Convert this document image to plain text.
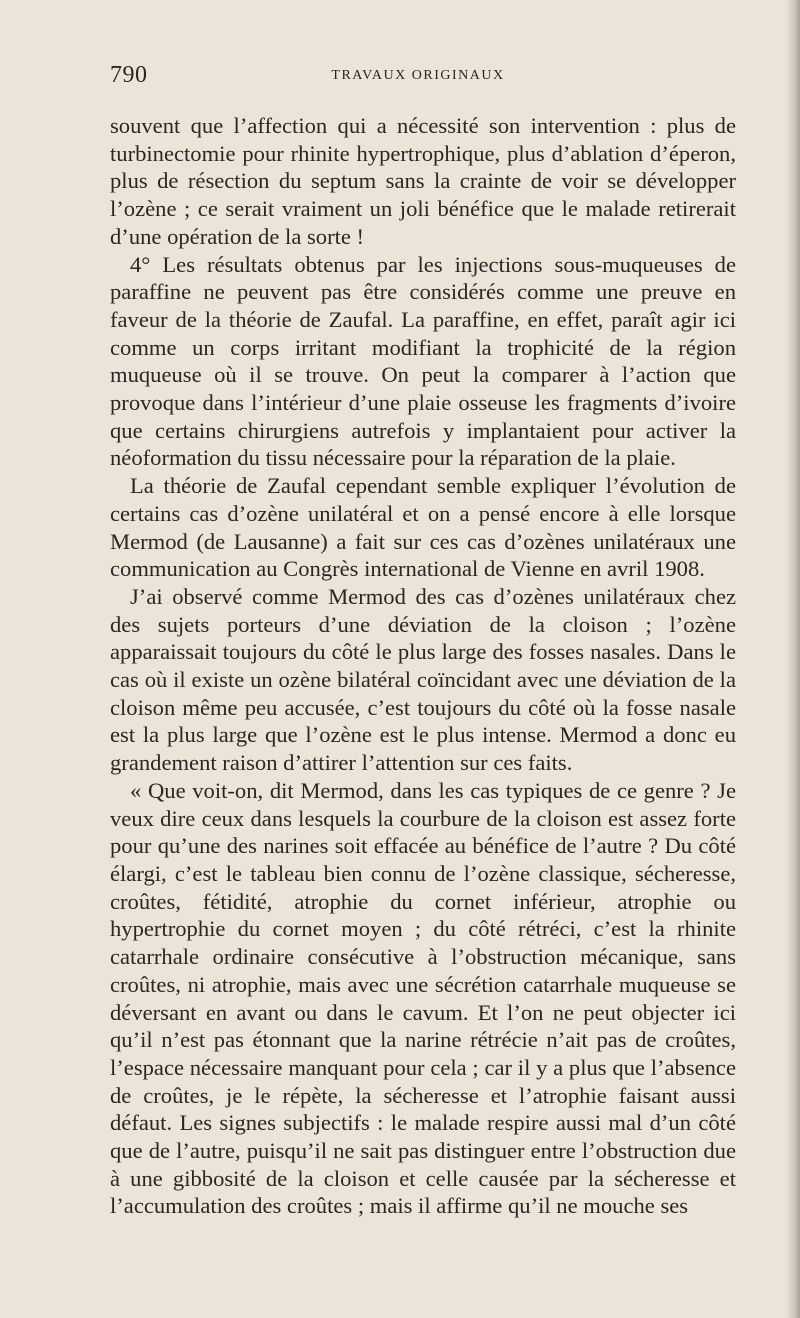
790	TRAVAUX ORIGINAUX

souvent que l’affection qui a nécessité son intervention : plus de turbinectomie pour rhinite hypertrophique, plus d’ablation d’éperon, plus de résection du septum sans la crainte de voir se développer l’ozène ; ce serait vraiment un joli bénéfice que le malade retirerait d’une opération de la sorte !

4° Les résultats obtenus par les injections sous-muqueuses de paraffine ne peuvent pas être considérés comme une preuve en faveur de la théorie de Zaufal. La paraffine, en effet, paraît agir ici comme un corps irritant modifiant la trophicité de la région muqueuse où il se trouve. On peut la comparer à l’action que provoque dans l’intérieur d’une plaie osseuse les fragments d’ivoire que certains chirurgiens autrefois y implantaient pour activer la néoformation du tissu nécessaire pour la réparation de la plaie.

La théorie de Zaufal cependant semble expliquer l’évolution de certains cas d’ozène unilatéral et on a pensé encore à elle lorsque Mermod (de Lausanne) a fait sur ces cas d’ozènes unilatéraux une communication au Congrès international de Vienne en avril 1908.

J’ai observé comme Mermod des cas d’ozènes unilatéraux chez des sujets porteurs d’une déviation de la cloison ; l’ozène apparaissait toujours du côté le plus large des fosses nasales. Dans le cas où il existe un ozène bilatéral coïncidant avec une déviation de la cloison même peu accusée, c’est toujours du côté où la fosse nasale est la plus large que l’ozène est le plus intense. Mermod a donc eu grandement raison d’attirer l’attention sur ces faits.

« Que voit-on, dit Mermod, dans les cas typiques de ce genre ? Je veux dire ceux dans lesquels la courbure de la cloison est assez forte pour qu’une des narines soit effacée au bénéfice de l’autre ? Du côté élargi, c’est le tableau bien connu de l’ozène classique, sécheresse, croûtes, fétidité, atrophie du cornet inférieur, atrophie ou hypertrophie du cornet moyen ; du côté rétréci, c’est la rhinite catarrhale ordinaire consécutive à l’obstruction mécanique, sans croûtes, ni atrophie, mais avec une sécrétion catarrhale muqueuse se déversant en avant ou dans le cavum. Et l’on ne peut objecter ici qu’il n’est pas étonnant que la narine rétrécie n’ait pas de croûtes, l’espace nécessaire manquant pour cela ; car il y a plus que l’absence de croûtes, je le répète, la sécheresse et l’atrophie faisant aussi défaut. Les signes subjectifs : le malade respire aussi mal d’un côté que de l’autre, puisqu’il ne sait pas distinguer entre l’obstruction due à une gibbosité de la cloison et celle causée par la sécheresse et l’accumulation des croûtes ; mais il affirme qu’il ne mouche ses
